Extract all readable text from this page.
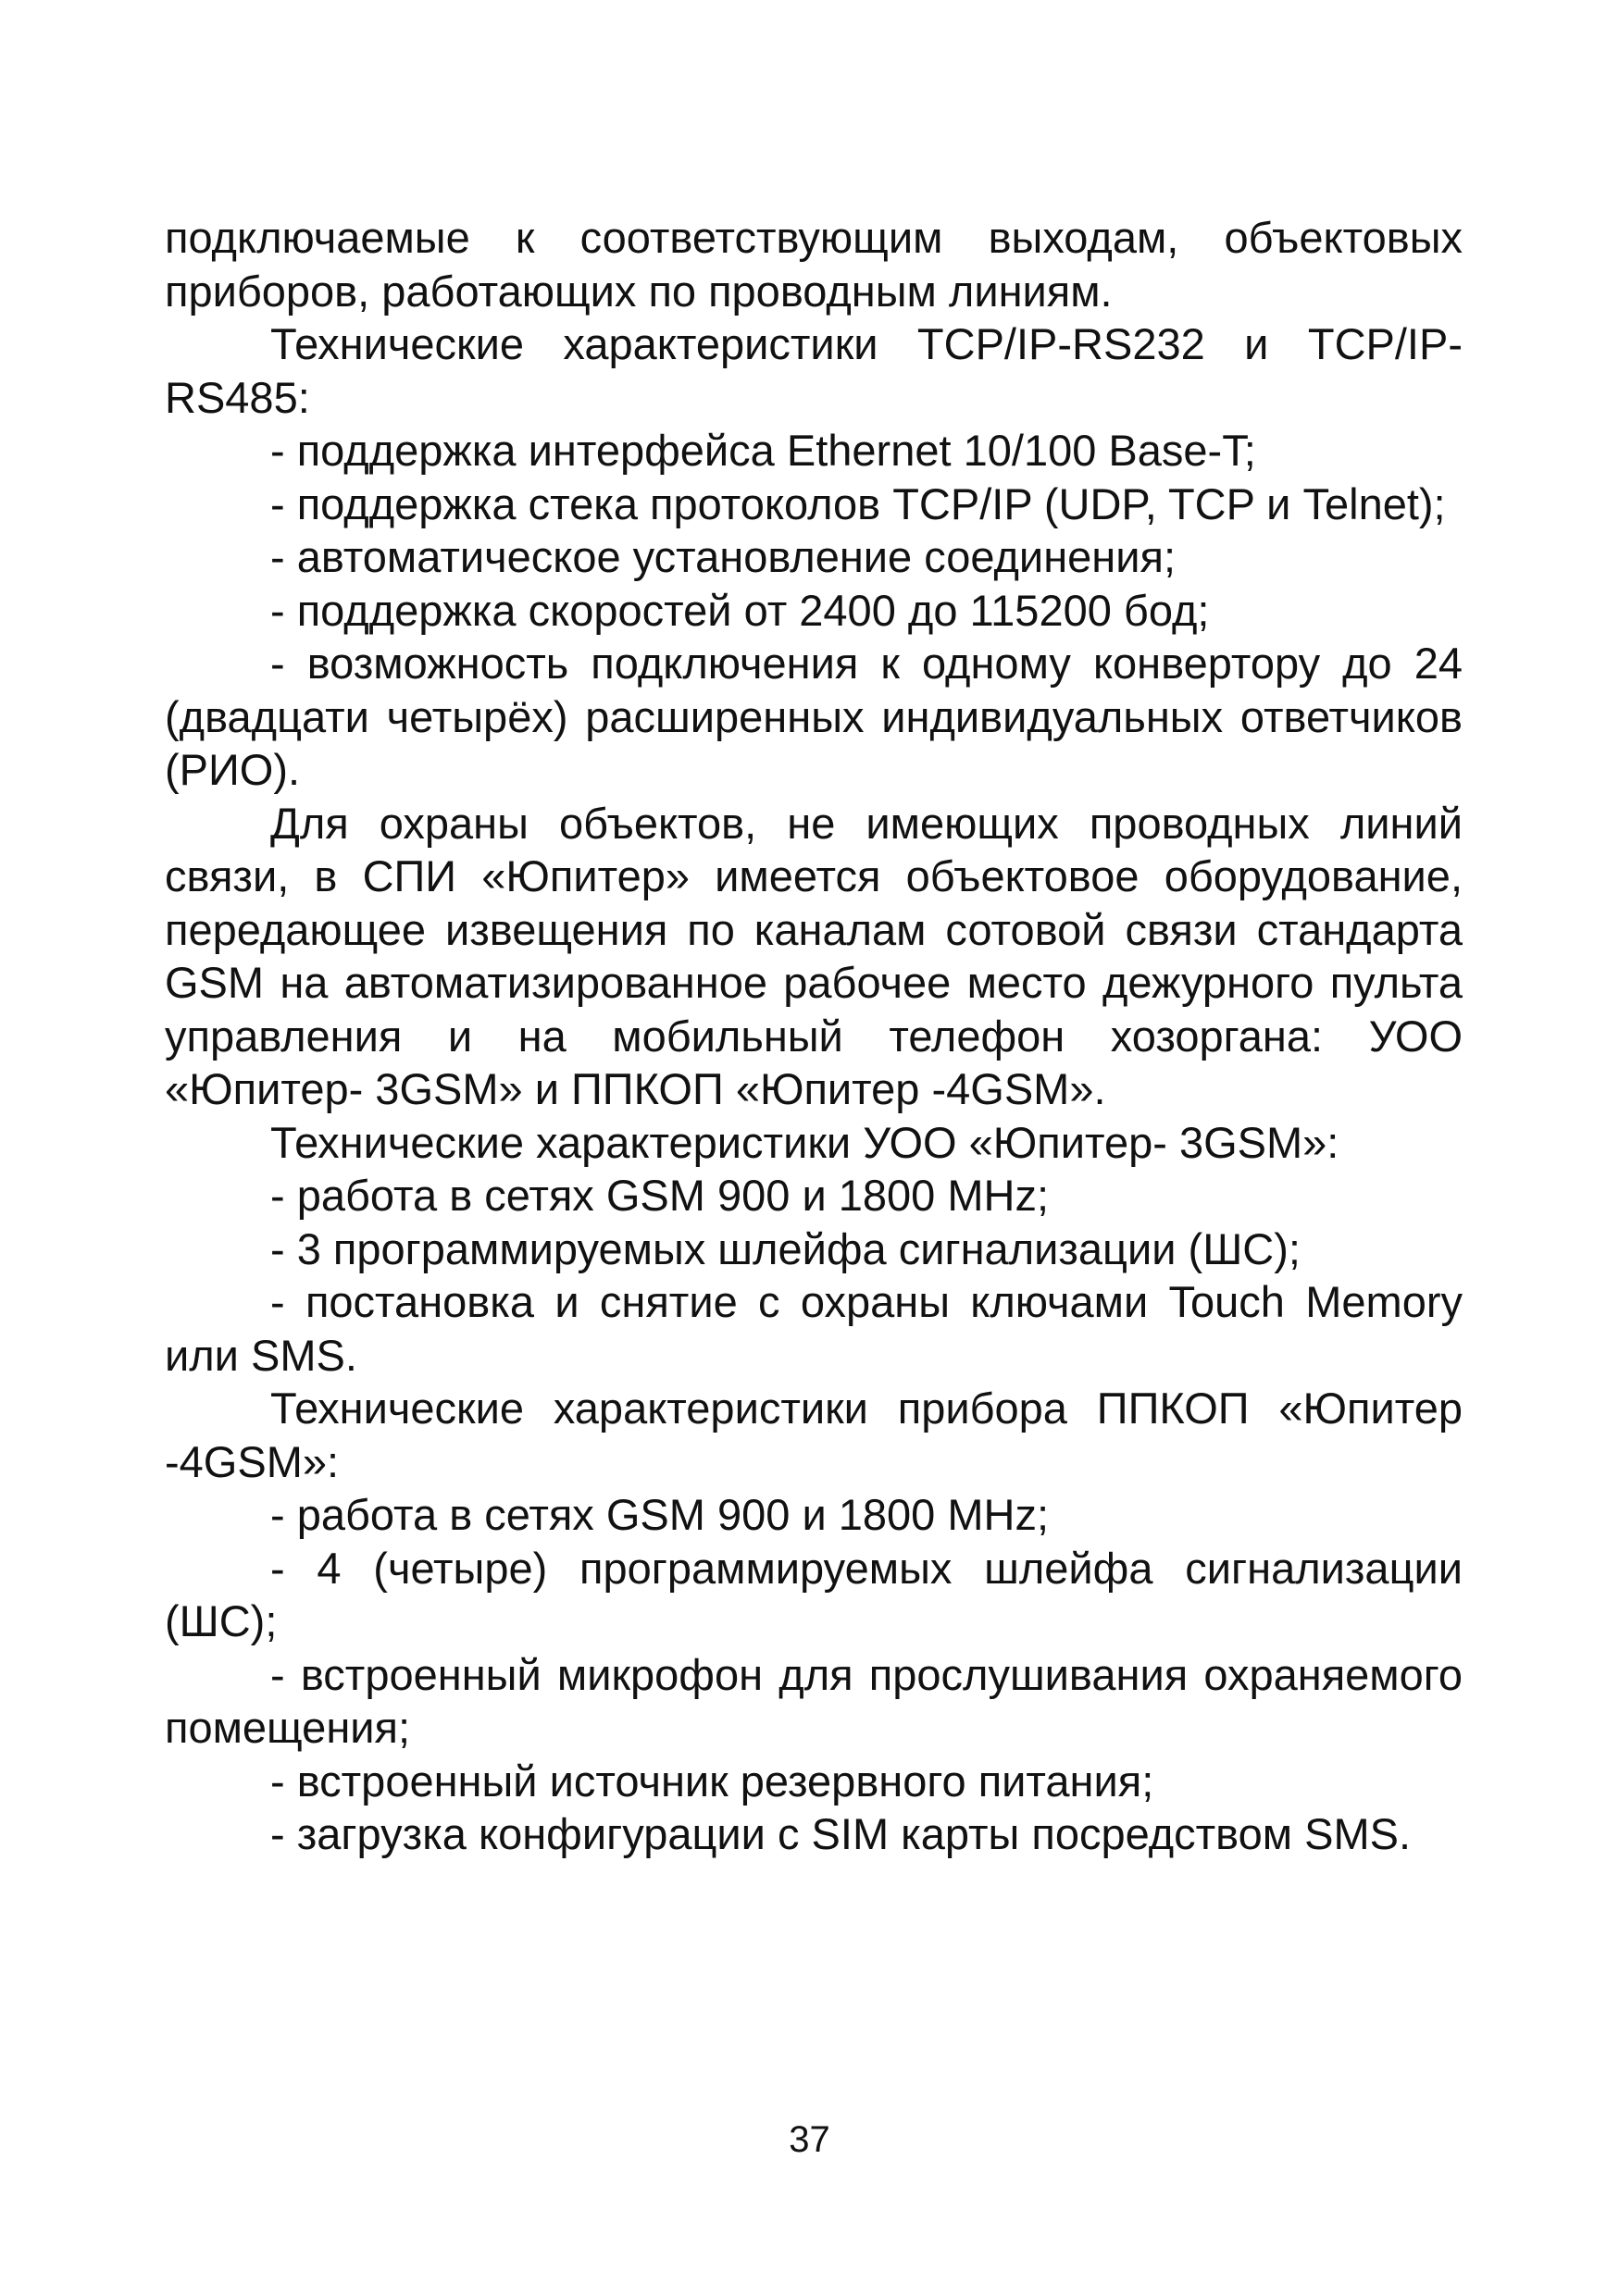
подключаемые к соответствующим выходам, объектовых приборов, работающих по проводным линиям.

Технические характеристики TCP/IP-RS232 и TCP/IP-RS485:

- поддержка интерфейса Ethernet 10/100 Base-T;

- поддержка стека протоколов TCP/IP (UDP, TCP и Telnet);

- автоматическое установление соединения;

- поддержка скоростей от 2400 до 115200 бод;

- возможность подключения к одному конвертору до 24 (двадцати четырёх) расширенных индивидуальных ответчиков (РИО).

Для охраны объектов, не имеющих проводных линий связи, в СПИ «Юпитер» имеется объектовое оборудование, передающее извещения по каналам сотовой связи стандарта GSM на автоматизированное рабочее место дежурного пульта управления и на мобильный телефон хозоргана: УОО «Юпитер- 3GSM» и ППКОП «Юпитер -4GSM».

Технические характеристики УОО «Юпитер- 3GSM»:

- работа в сетях GSM 900 и 1800 MHz;

- 3 программируемых шлейфа сигнализации (ШС);

- постановка и снятие с охраны ключами Touch Memory или SMS.

Технические характеристики прибора ППКОП «Юпитер -4GSM»:

- работа в сетях GSM 900 и 1800 MHz;

- 4 (четыре) программируемых шлейфа сигнализации (ШС);

- встроенный микрофон для прослушивания охраняемого помещения;

- встроенный источник резервного питания;

- загрузка конфигурации с SIM карты посредством SMS.

37
